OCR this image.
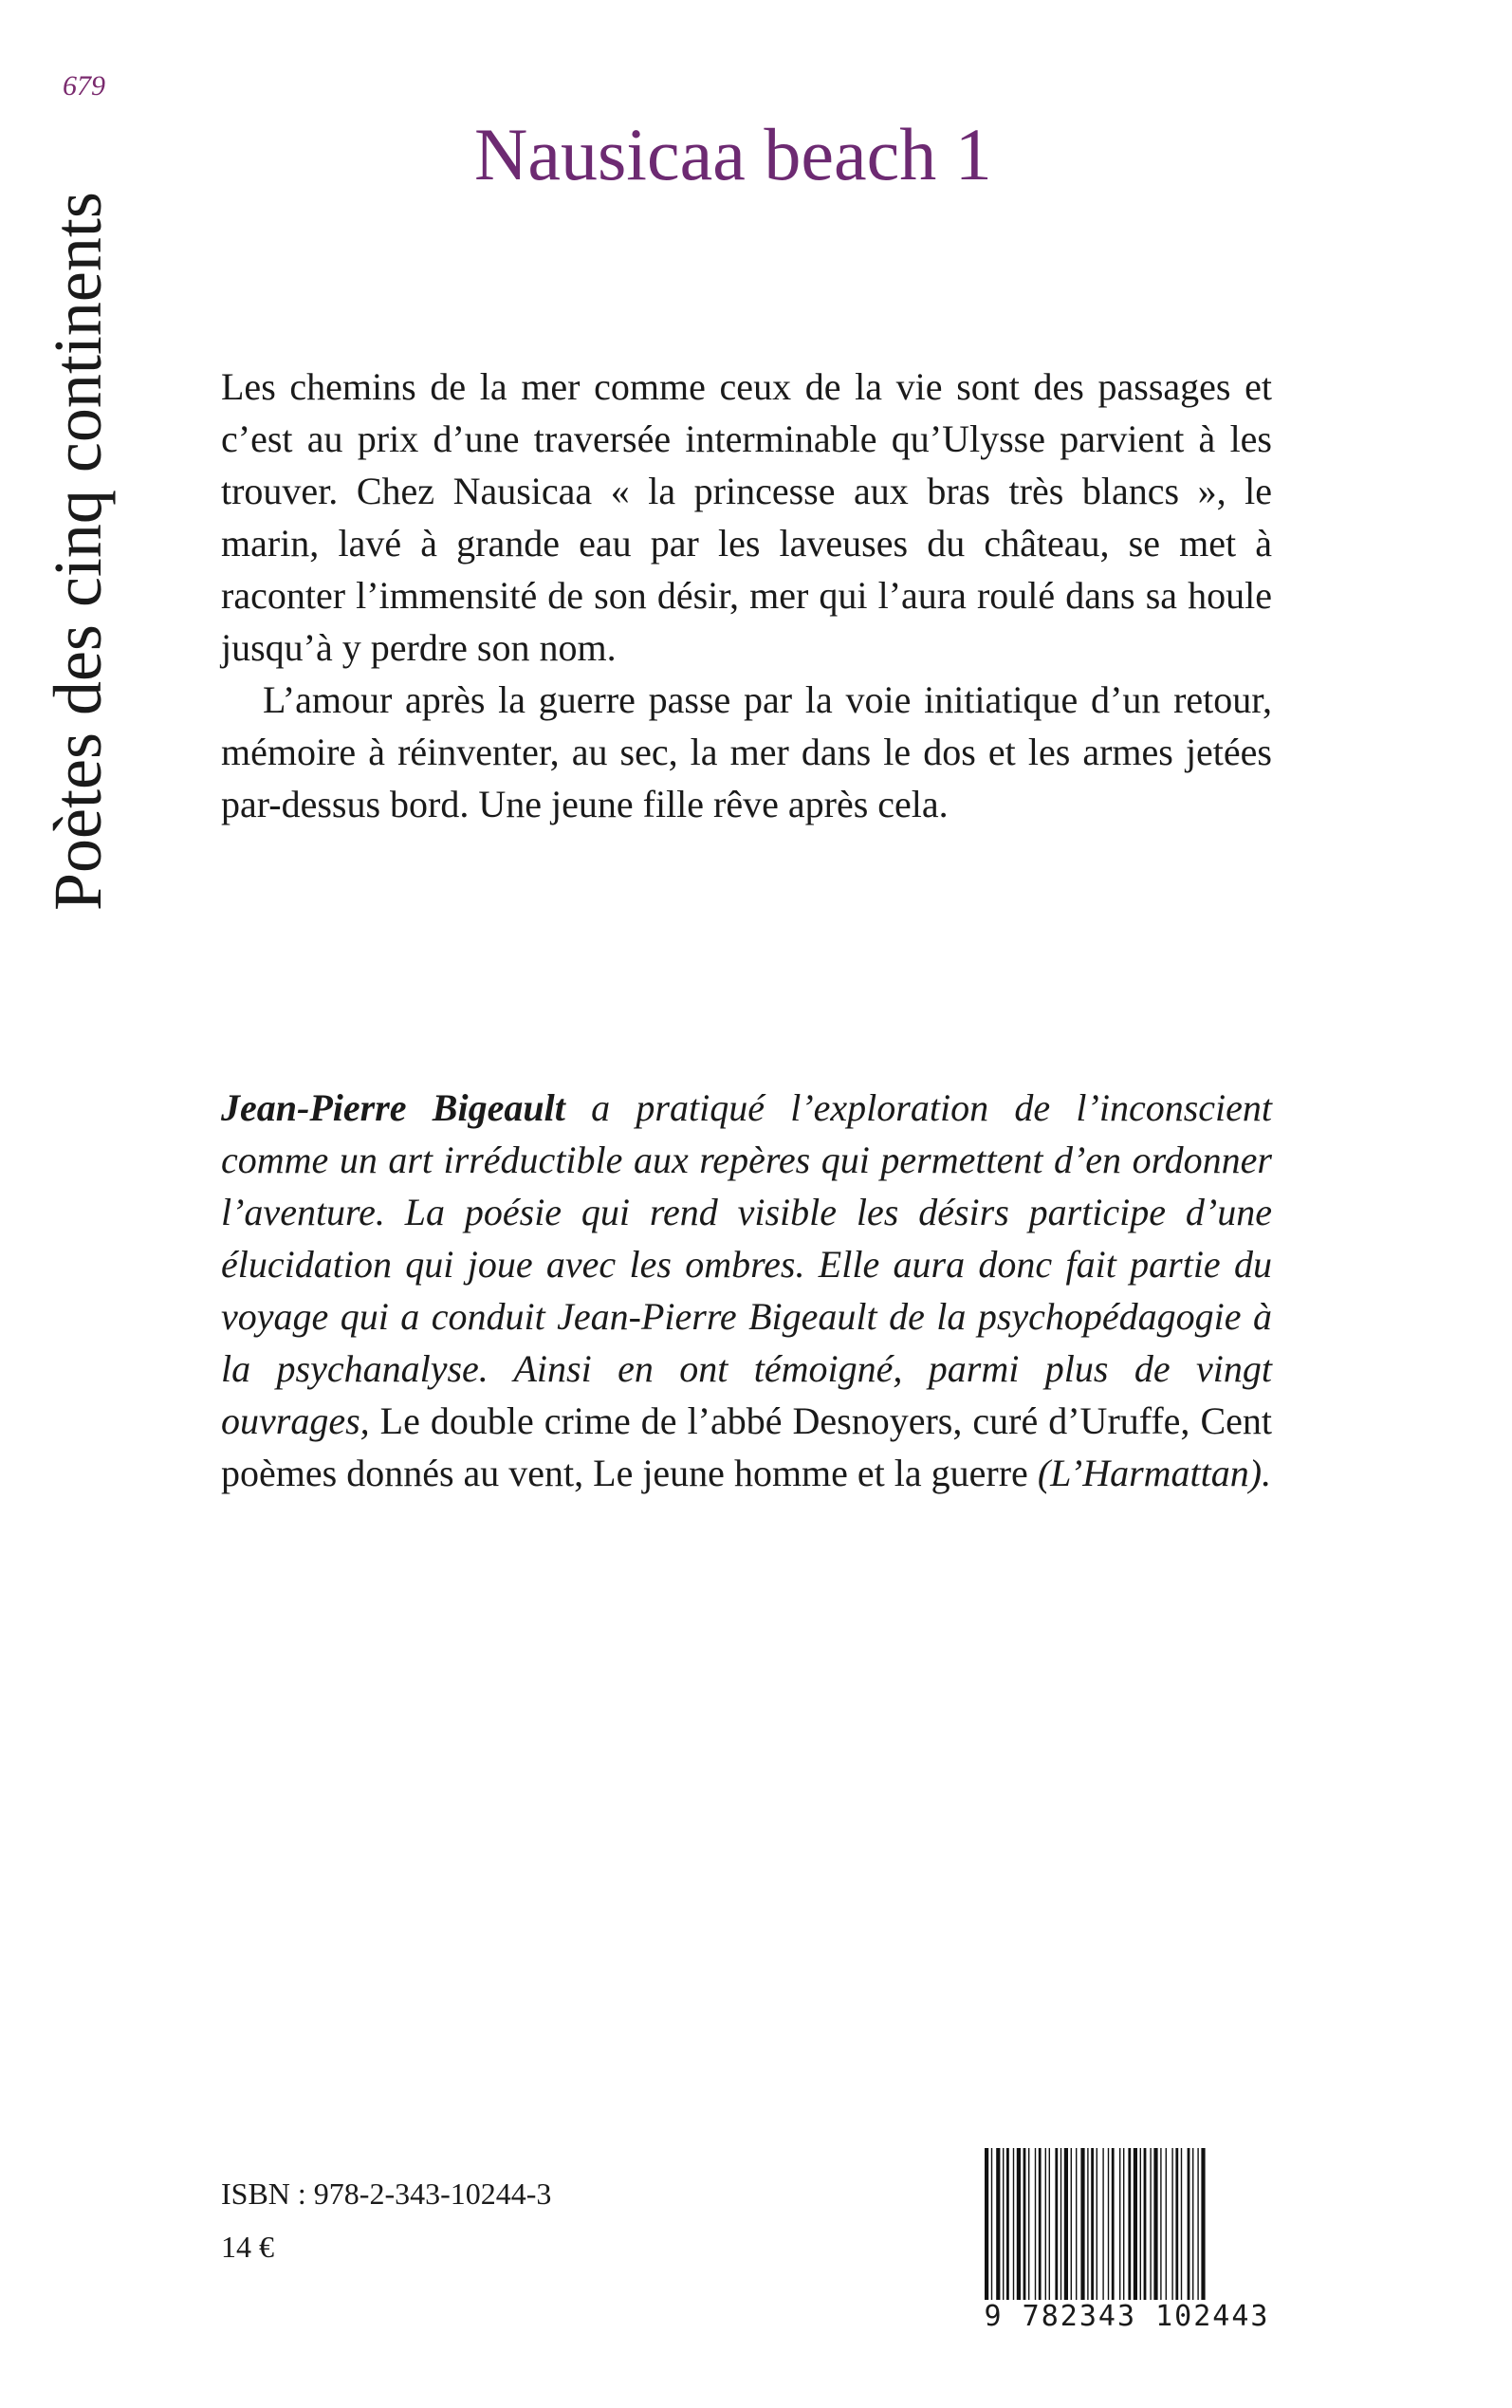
679
Poètes des cinq continents
Nausicaa beach 1

Les chemins de la mer comme ceux de la vie sont des passages et c’est au prix d’une traversée interminable qu’Ulysse parvient à les trouver. Chez Nausicaa « la princesse aux bras très blancs », le marin, lavé à grande eau par les laveuses du château, se met à raconter l’immensité de son désir, mer qui l’aura roulé dans sa houle jusqu’à y perdre son nom.

L’amour après la guerre passe par la voie initiatique d’un retour, mémoire à réinventer, au sec, la mer dans le dos et les armes jetées par-dessus bord. Une jeune fille rêve après cela.

Jean-Pierre Bigeault a pratiqué l’exploration de l’inconscient comme un art irréductible aux repères qui permettent d’en ordonner l’aventure. La poésie qui rend visible les désirs participe d’une élucidation qui joue avec les ombres. Elle aura donc fait partie du voyage qui a conduit Jean-Pierre Bigeault de la psychopédagogie à la psychanalyse. Ainsi en ont témoigné, parmi plus de vingt ouvrages, Le double crime de l’abbé Desnoyers, curé d’Uruffe, Cent poèmes donnés au vent, Le jeune homme et la guerre (L’Harmattan).
ISBN : 978-2-343-10244-3
14 €
9 782343 102443
